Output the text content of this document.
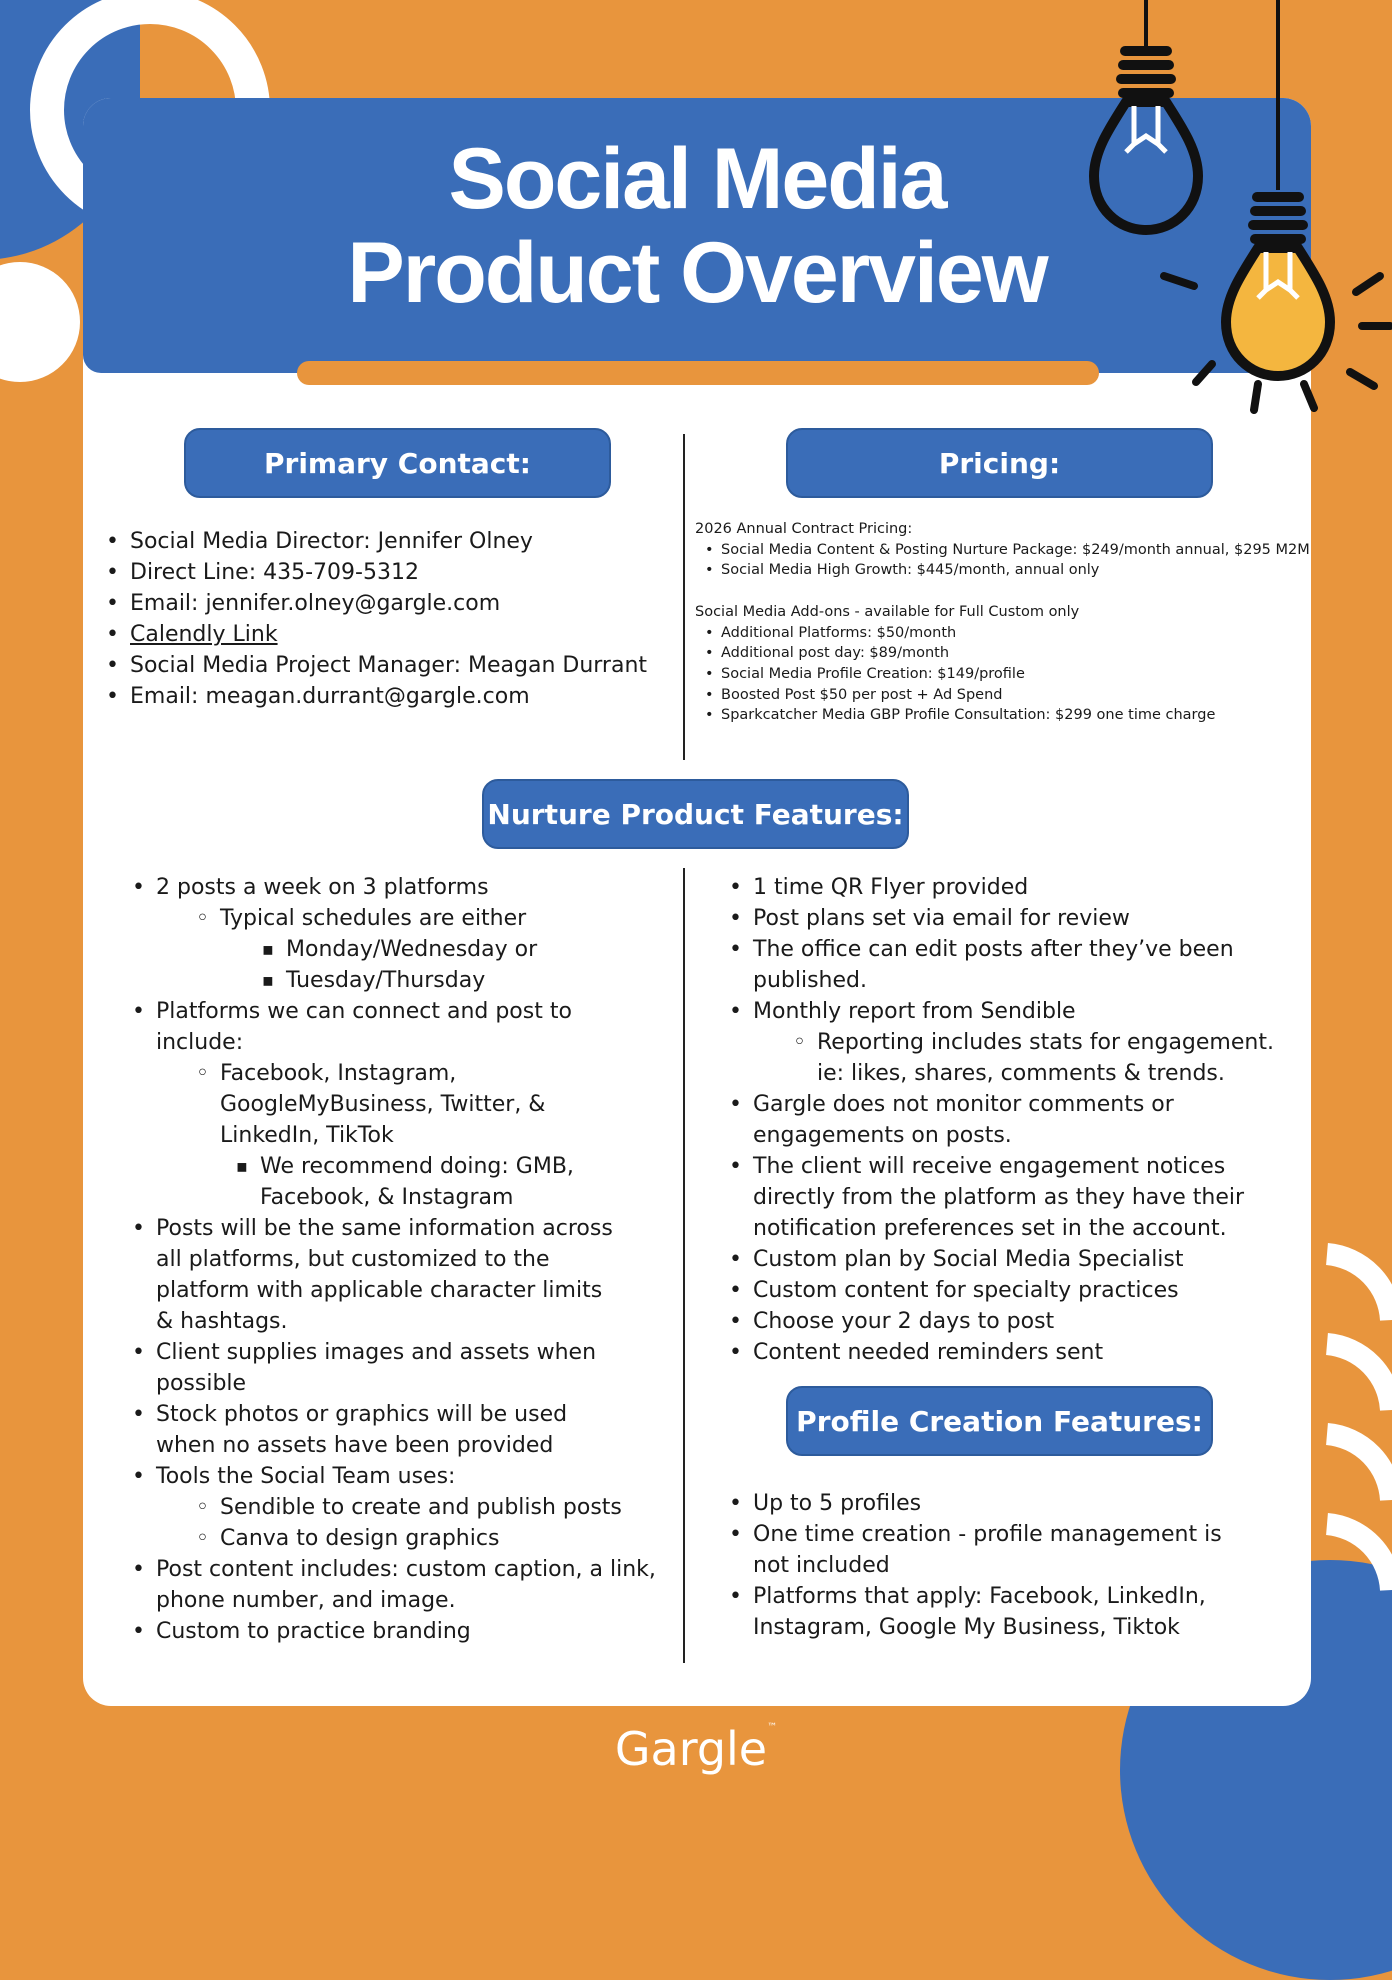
Social Media
Product Overview
Primary Contact:	Pricing:
Nurture Product Features:
Profile Creation Features:
• Social Media Director: Jennifer Olney
• Direct Line: 435-709-5312
• Email: jennifer.olney@gargle.com
• Calendly Link
• Social Media Project Manager: Meagan Durrant
• Email: meagan.durrant@gargle.com
2026 Annual Contract Pricing:
• Social Media Content & Posting Nurture Package: $249/month annual, $295 M2M
• Social Media High Growth: $445/month, annual only
Social Media Add-ons - available for Full Custom only
• Additional Platforms: $50/month
• Additional post day: $89/month
• Social Media Profile Creation: $149/profile
• Boosted Post $50 per post + Ad Spend
• Sparkcatcher Media GBP Profile Consultation: $299 one time charge
• 2 posts a week on 3 platforms
◦ Typical schedules are either
▪ Monday/Wednesday or
▪ Tuesday/Thursday
• Platforms we can connect and post to include:
◦ Facebook, Instagram, GoogleMyBusiness, Twitter, & LinkedIn, TikTok
▪ We recommend doing: GMB, Facebook, & Instagram
• Posts will be the same information across all platforms, but customized to the platform with applicable character limits & hashtags.
• Client supplies images and assets when possible
• Stock photos or graphics will be used when no assets have been provided
• Tools the Social Team uses:
◦ Sendible to create and publish posts
◦ Canva to design graphics
• Post content includes: custom caption, a link, phone number, and image.
• Custom to practice branding
• 1 time QR Flyer provided
• Post plans set via email for review
• The office can edit posts after they’ve been published.
• Monthly report from Sendible
◦ Reporting includes stats for engagement. ie: likes, shares, comments & trends.
• Gargle does not monitor comments or engagements on posts.
• The client will receive engagement notices directly from the platform as they have their notification preferences set in the account.
• Custom plan by Social Media Specialist
• Custom content for specialty practices
• Choose your 2 days to post
• Content needed reminders sent
• Up to 5 profiles
• One time creation - profile management is not included
• Platforms that apply: Facebook, LinkedIn, Instagram, Google My Business, Tiktok
Gargle™
